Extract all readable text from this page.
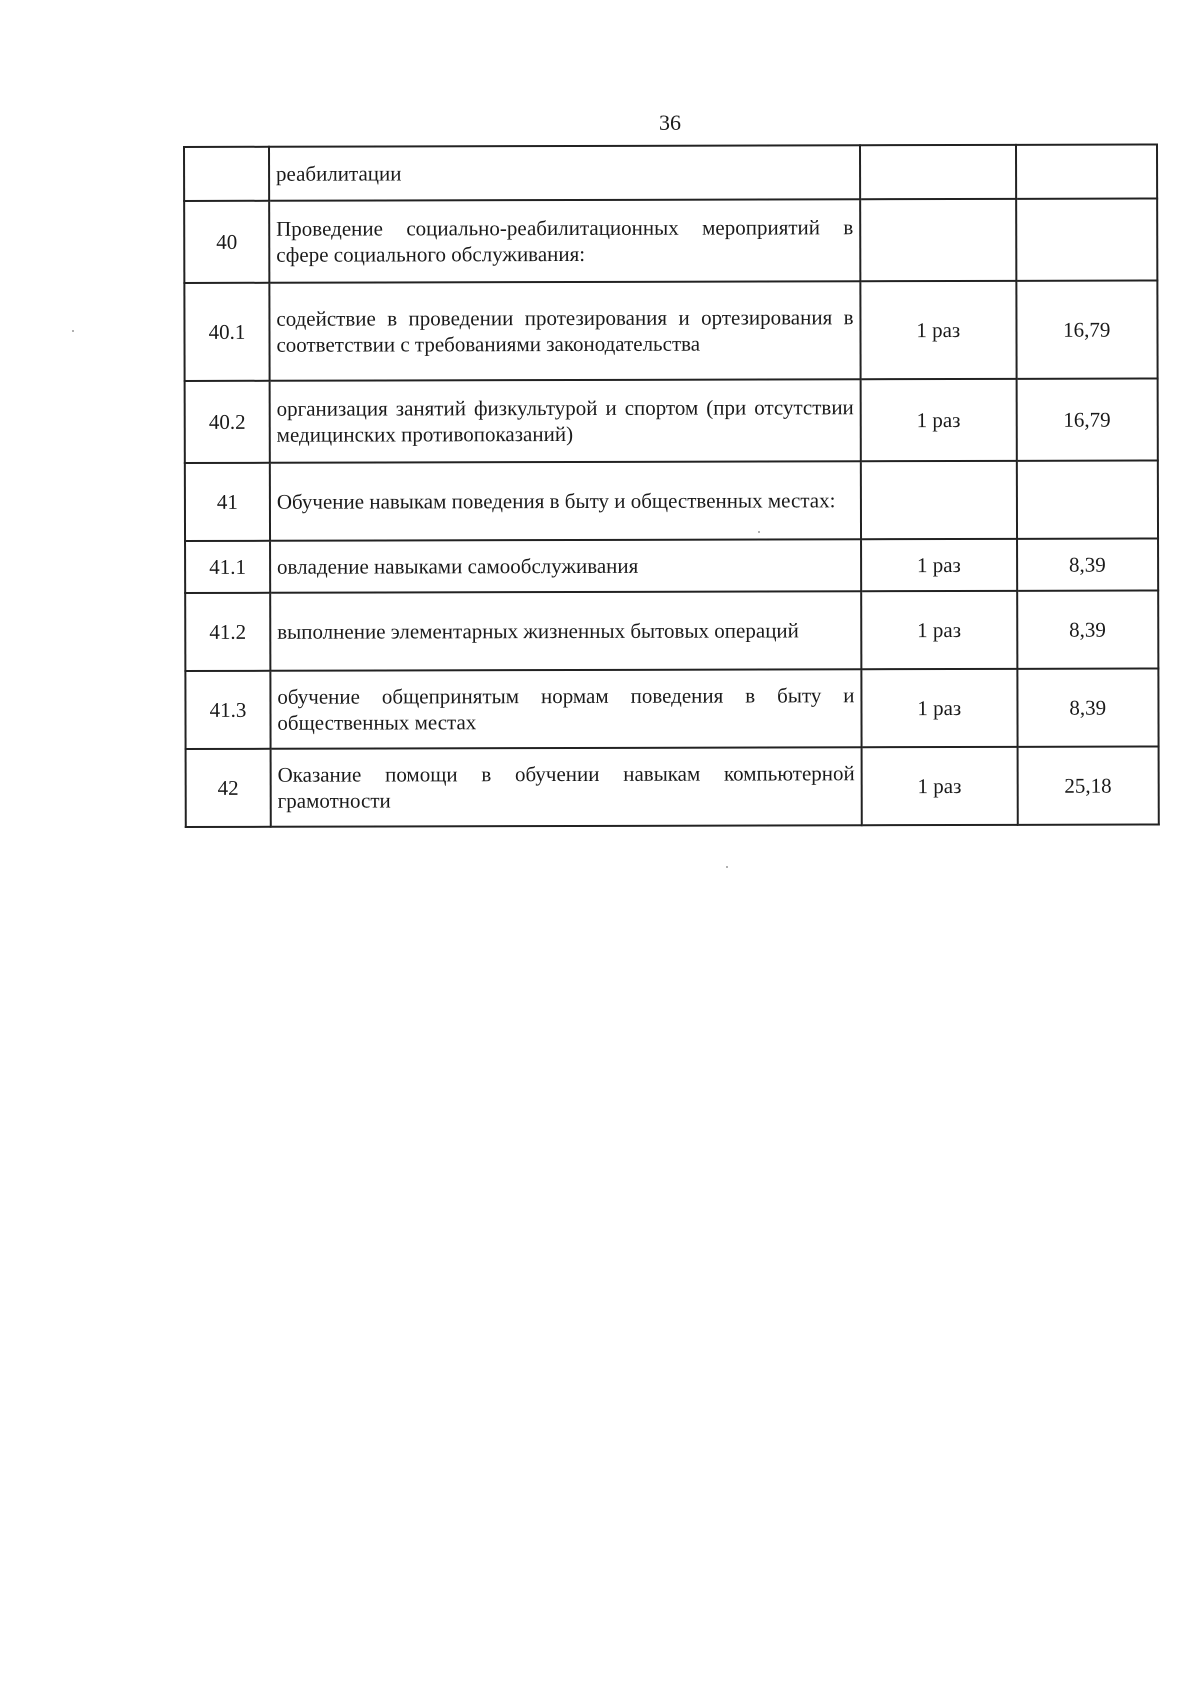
36
	реабилитации		
40	Проведение социально-реабилитационных мероприятий в сфере социального обслуживания:		
40.1	содействие в проведении протезирования и ортезирования в соответствии с требованиями законодательства	1 раз	16,79
40.2	организация занятий физкультурой и спортом (при отсутствии медицинских противопоказаний)	1 раз	16,79
41	Обучение навыкам поведения в быту и общественных местах:		
41.1	овладение навыками самообслуживания	1 раз	8,39
41.2	выполнение элементарных жизненных бытовых операций	1 раз	8,39
41.3	обучение общепринятым нормам поведения в быту и общественных местах	1 раз	8,39
42	Оказание помощи в обучении навыкам компьютерной грамотности	1 раз	25,18
